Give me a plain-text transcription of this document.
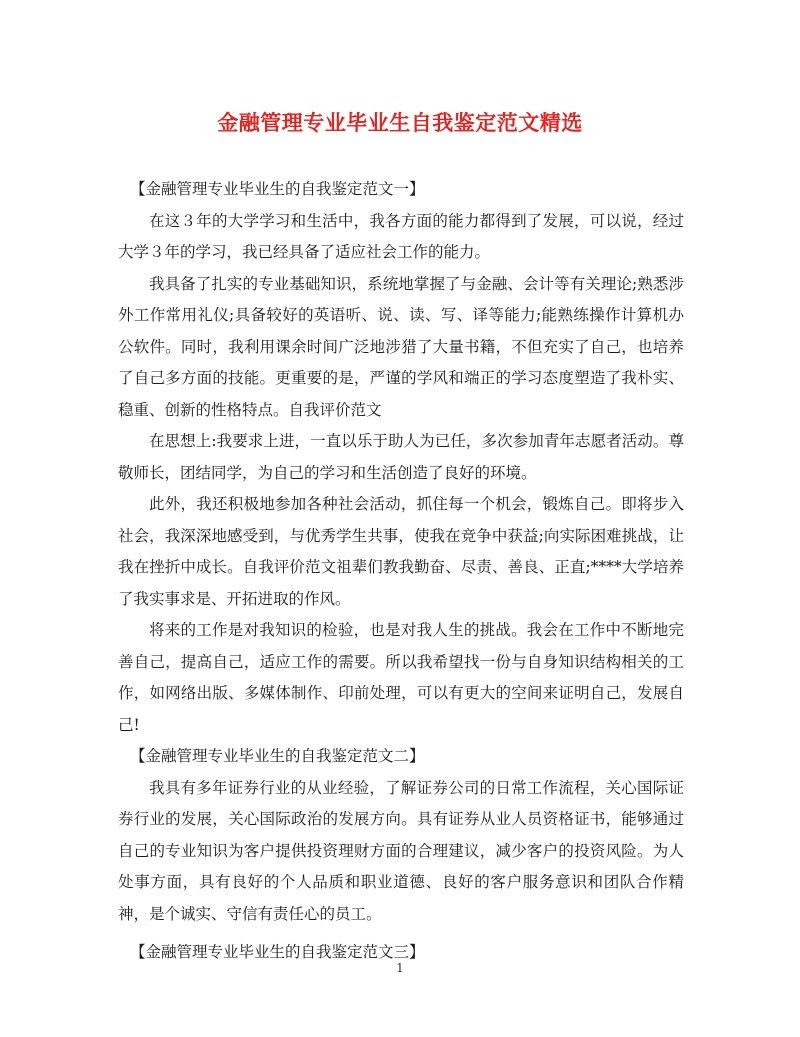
金融管理专业毕业生自我鉴定范文精选

【金融管理专业毕业生的自我鉴定范文一】

在这３年的大学学习和生活中，我各方面的能力都得到了发展，可以说，经过大学３年的学习，我已经具备了适应社会工作的能力。

我具备了扎实的专业基础知识，系统地掌握了与金融、会计等有关理论;熟悉涉外工作常用礼仪;具备较好的英语听、说、读、写、译等能力;能熟练操作计算机办公软件。同时，我利用课余时间广泛地涉猎了大量书籍，不但充实了自己，也培养了自己多方面的技能。更重要的是，严谨的学风和端正的学习态度塑造了我朴实、稳重、创新的性格特点。自我评价范文

在思想上:我要求上进，一直以乐于助人为已任，多次参加青年志愿者活动。尊敬师长，团结同学，为自己的学习和生活创造了良好的环境。

此外，我还积极地参加各种社会活动，抓住每一个机会，锻炼自己。即将步入社会，我深深地感受到，与优秀学生共事，使我在竞争中获益;向实际困难挑战，让我在挫折中成长。自我评价范文祖辈们教我勤奋、尽责、善良、正直;****大学培养了我实事求是、开拓进取的作风。

将来的工作是对我知识的检验，也是对我人生的挑战。我会在工作中不断地完善自己，提高自己，适应工作的需要。所以我希望找一份与自身知识结构相关的工作，如网络出版、多媒体制作、印前处理，可以有更大的空间来证明自己，发展自己!

【金融管理专业毕业生的自我鉴定范文二】

我具有多年证券行业的从业经验，了解证券公司的日常工作流程，关心国际证券行业的发展，关心国际政治的发展方向。具有证券从业人员资格证书，能够通过自己的专业知识为客户提供投资理财方面的合理建议，减少客户的投资风险。为人处事方面，具有良好的个人品质和职业道德、良好的客户服务意识和团队合作精神，是个诚实、守信有责任心的员工。

【金融管理专业毕业生的自我鉴定范文三】

1
